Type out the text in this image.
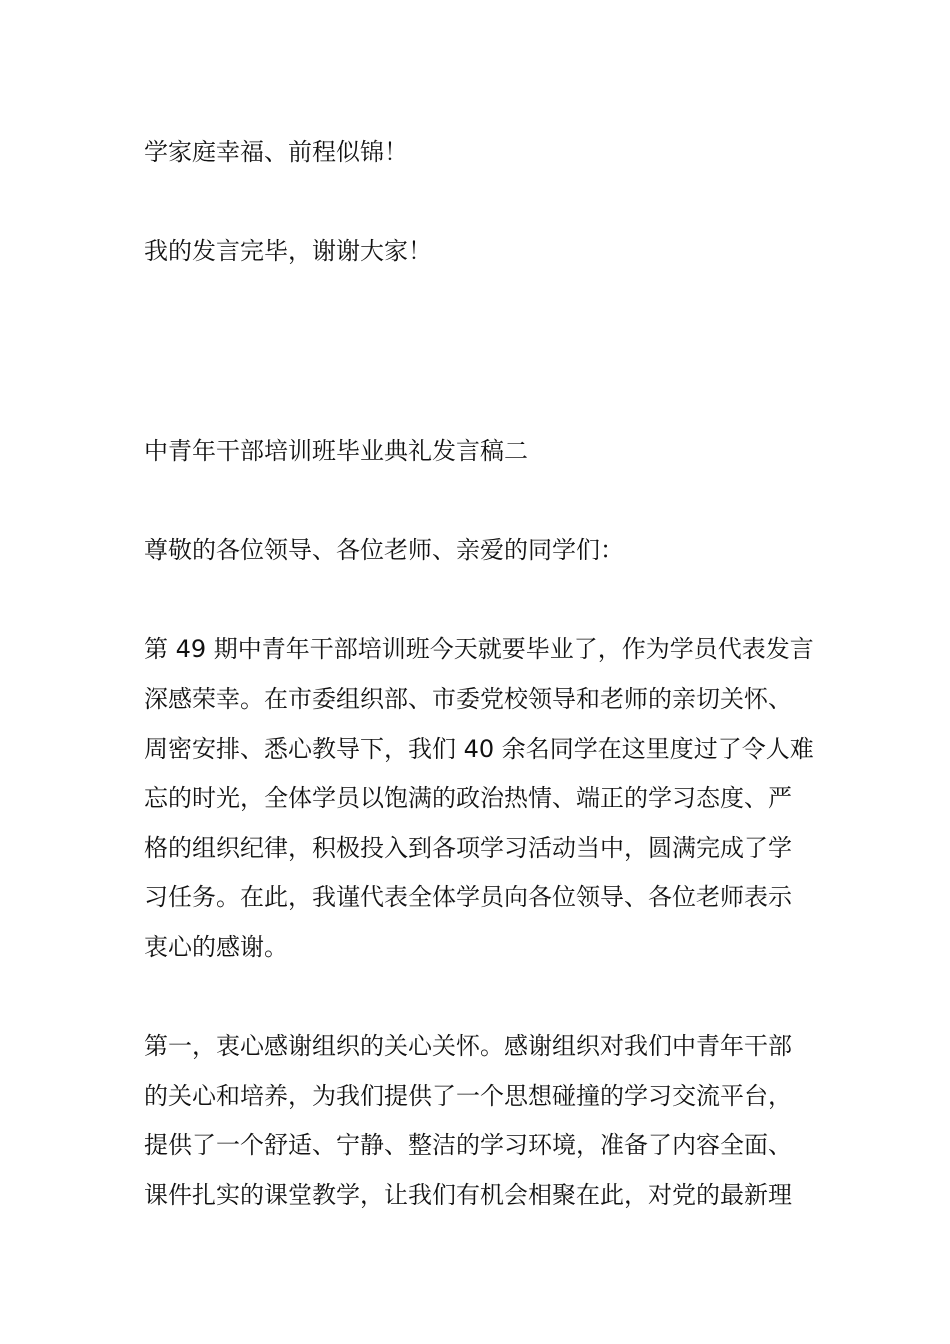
学家庭幸福、前程似锦！
我的发言完毕，谢谢大家！
中青年干部培训班毕业典礼发言稿二
尊敬的各位领导、各位老师、亲爱的同学们：
第 49 期中青年干部培训班今天就要毕业了，作为学员代表发言
深感荣幸。在市委组织部、市委党校领导和老师的亲切关怀、
周密安排、悉心教导下，我们 40 余名同学在这里度过了令人难
忘的时光，全体学员以饱满的政治热情、端正的学习态度、严
格的组织纪律，积极投入到各项学习活动当中，圆满完成了学
习任务。在此，我谨代表全体学员向各位领导、各位老师表示
衷心的感谢。
第一，衷心感谢组织的关心关怀。感谢组织对我们中青年干部
的关心和培养，为我们提供了一个思想碰撞的学习交流平台，
提供了一个舒适、宁静、整洁的学习环境，准备了内容全面、
课件扎实的课堂教学，让我们有机会相聚在此，对党的最新理
